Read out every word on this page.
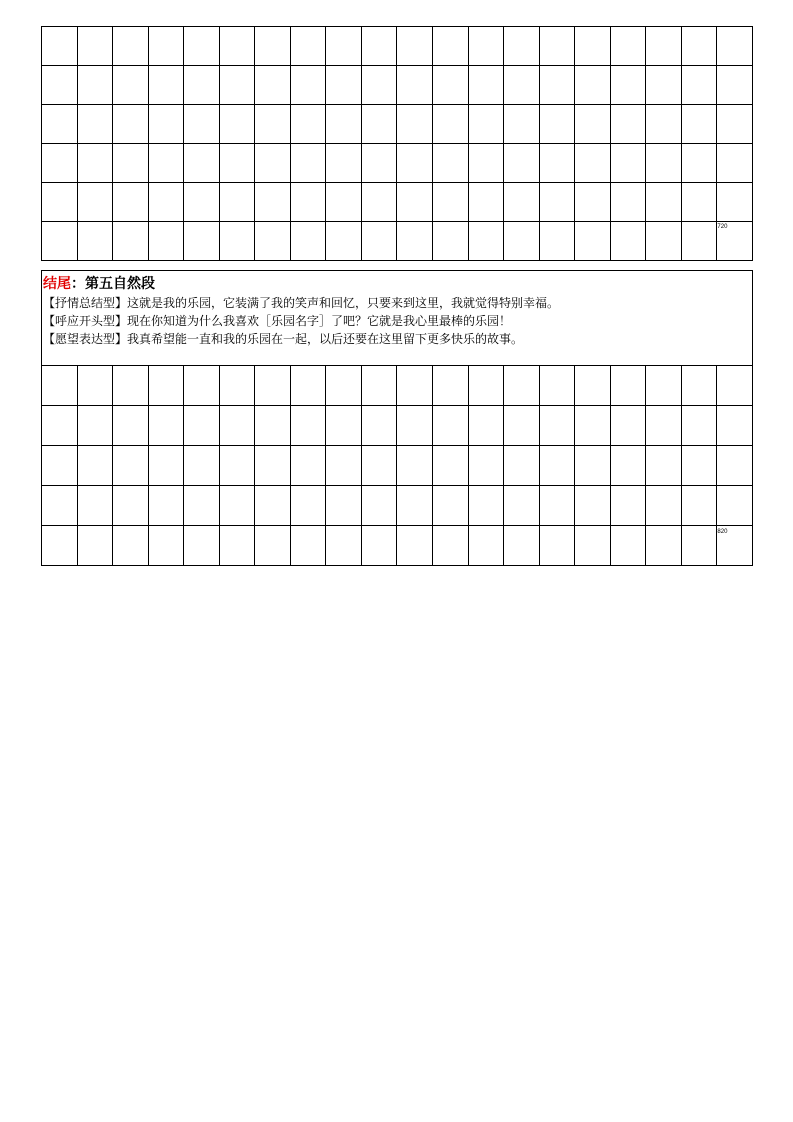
																			720
结尾：第五自然段
【抒情总结型】这就是我的乐园，它装满了我的笑声和回忆，只要来到这里，我就觉得特别幸福。
【呼应开头型】现在你知道为什么我喜欢［乐园名字］了吧？它就是我心里最棒的乐园！
【愿望表达型】我真希望能一直和我的乐园在一起，以后还要在这里留下更多快乐的故事。

																			820
